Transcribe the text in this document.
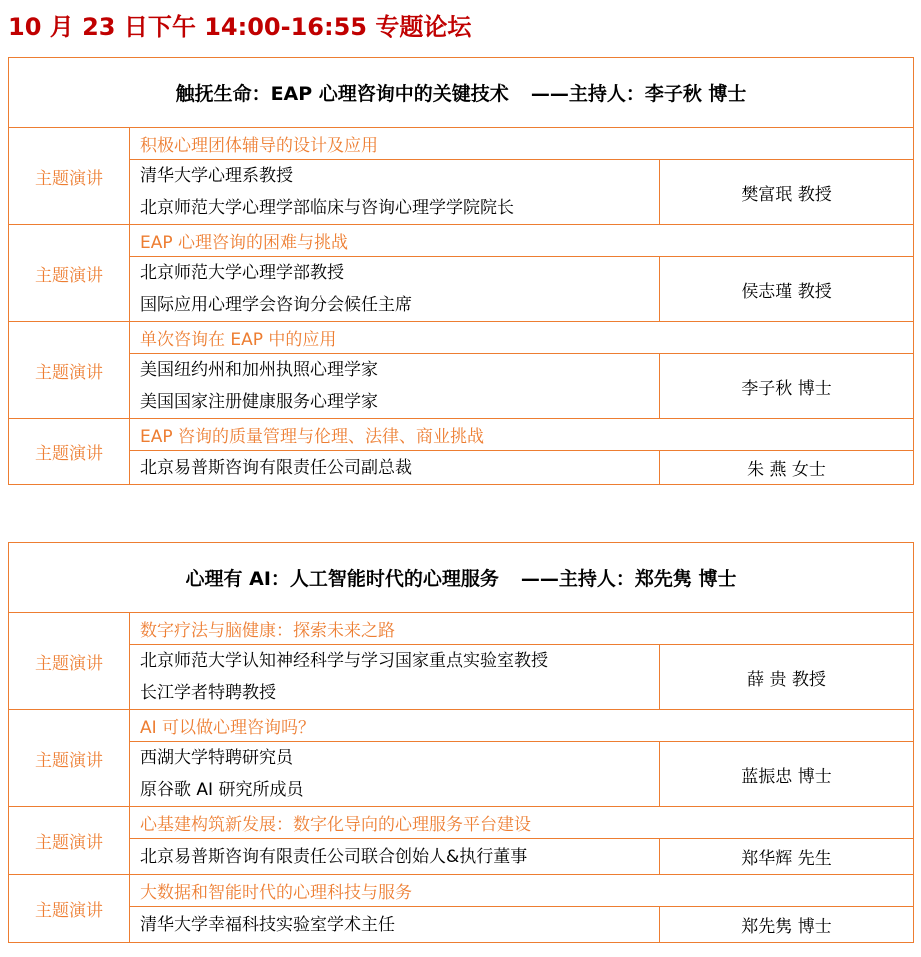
10 月 23 日下午 14:00-16:55 专题论坛
触抚生命：EAP 心理咨询中的关键技术 ——主持人：李子秋 博士		
主题演讲	积极心理团体辅导的设计及应用	

	清华大学心理系教授
北京师范大学心理学部临床与咨询心理学学院院长	樊富珉 教授
主题演讲	EAP 心理咨询的困难与挑战	

	北京师范大学心理学部教授
国际应用心理学会咨询分会候任主席	侯志瑾 教授
主题演讲	单次咨询在 EAP 中的应用	

	美国纽约州和加州执照心理学家
美国国家注册健康服务心理学家	李子秋 博士
主题演讲	EAP 咨询的质量管理与伦理、法律、商业挑战	

	北京易普斯咨询有限责任公司副总裁	朱 燕 女士
心理有 AI：人工智能时代的心理服务 ——主持人：郑先隽 博士		
主题演讲	数字疗法与脑健康：探索未来之路	

	北京师范大学认知神经科学与学习国家重点实验室教授
长江学者特聘教授	薛 贵 教授
主题演讲	AI 可以做心理咨询吗？	

	西湖大学特聘研究员
原谷歌 AI 研究所成员	蓝振忠 博士
主题演讲	心基建构筑新发展：数字化导向的心理服务平台建设	

	北京易普斯咨询有限责任公司联合创始人&执行董事	郑华辉 先生
主题演讲	大数据和智能时代的心理科技与服务	

	清华大学幸福科技实验室学术主任	郑先隽 博士
